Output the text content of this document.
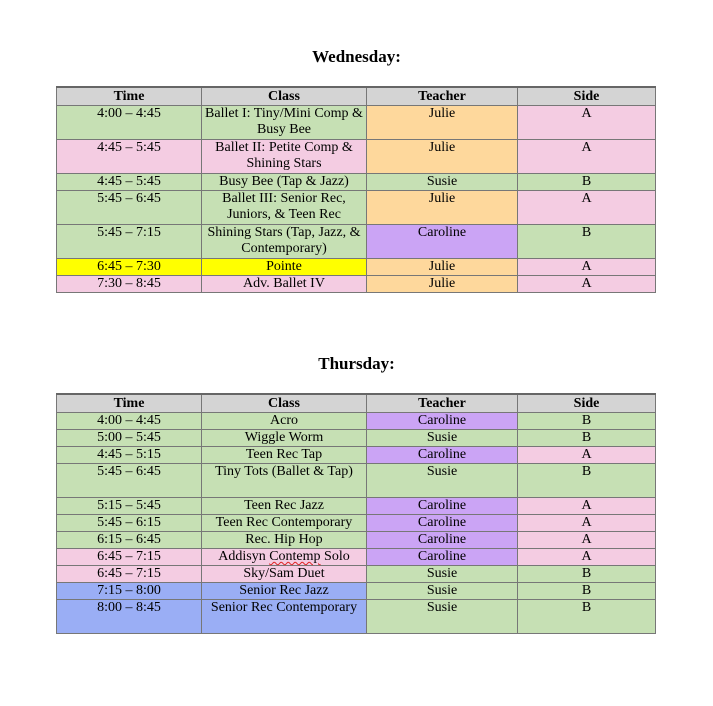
Wednesday:
Time	Class	Teacher	Side
4:00 – 4:45	Ballet I: Tiny/Mini Comp & Busy Bee	Julie	A
4:45 – 5:45	Ballet II: Petite Comp & Shining Stars	Julie	A
4:45 – 5:45	Busy Bee (Tap & Jazz)	Susie	B
5:45 – 6:45	Ballet III: Senior Rec, Juniors, & Teen Rec	Julie	A
5:45 – 7:15	Shining Stars (Tap, Jazz, & Contemporary)	Caroline	B
6:45 – 7:30	Pointe	Julie	A
7:30 – 8:45	Adv. Ballet IV	Julie	A
Thursday:
Time	Class	Teacher	Side
4:00 – 4:45	Acro	Caroline	B
5:00 – 5:45	Wiggle Worm	Susie	B
4:45 – 5:15	Teen Rec Tap	Caroline	A
5:45 – 6:45	Tiny Tots (Ballet & Tap)	Susie	B
5:15 – 5:45	Teen Rec Jazz	Caroline	A
5:45 – 6:15	Teen Rec Contemporary	Caroline	A
6:15 – 6:45	Rec. Hip Hop	Caroline	A
6:45 – 7:15	Addisyn Contemp Solo	Caroline	A
6:45 – 7:15	Sky/Sam Duet	Susie	B
7:15 – 8:00	Senior Rec Jazz	Susie	B
8:00 – 8:45	Senior Rec Contemporary	Susie	B
